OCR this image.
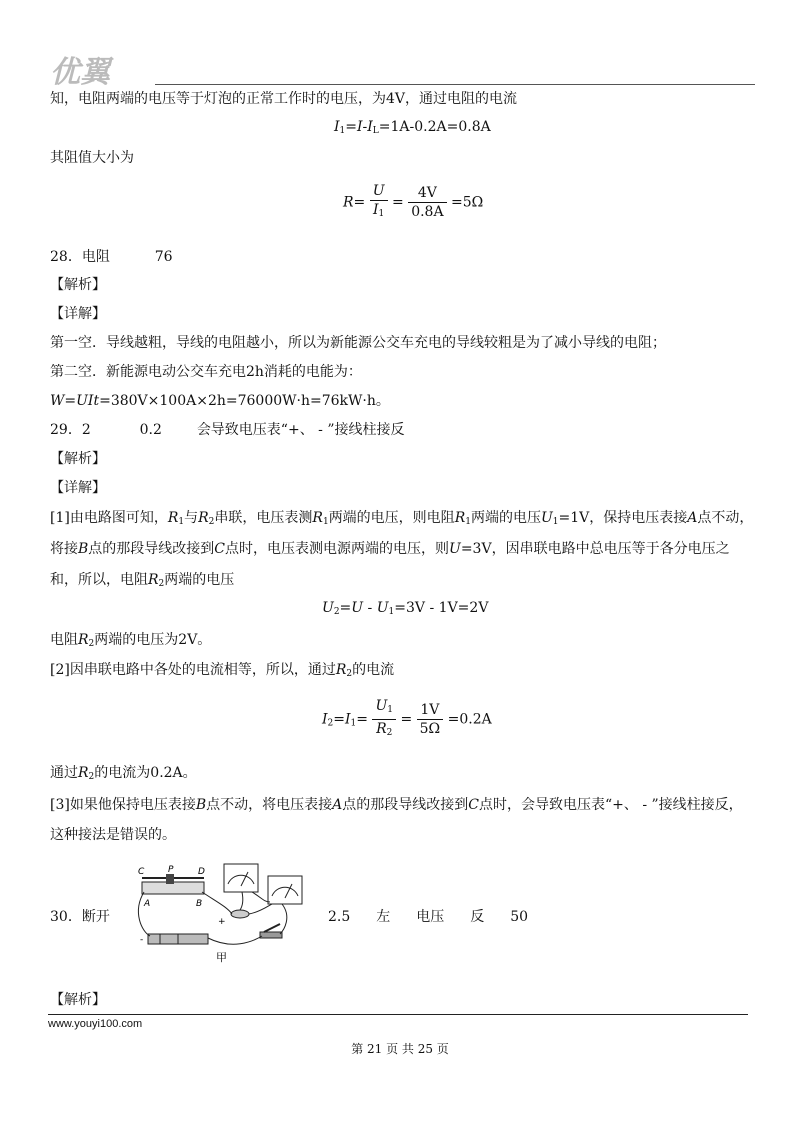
优翼
知，电阻两端的电压等于灯泡的正常工作时的电压，为4V，通过电阻的电流
$I_1=I-I_L=1A-0.2A=0.8A$
其阻值大小为
$R= \frac{U}{I_1} = \frac{4V}{0.8A} =5\Omega$
28．电阻	76
【解析】
【详解】
第一空．导线越粗，导线的电阻越小，所以为新能源公交车充电的导线较粗是为了减小导线的电阻；
第二空．新能源电动公交车充电2h消耗的电能为：
W=UIt=380V×100A×2h=76000W·h=76kW·h。
29．2	0.2 会导致电压表“+、 - ”接线柱接反
【解析】
【详解】
[1]由电路图可知，$R_1$与$R_2$串联，电压表测$R_1$两端的电压，则电阻$R_1$两端的电压$U_1=1V$，保持电压表接A点不动，
将接B点的那段导线改接到C点时，电压表测电源两端的电压，则U=3V，因串联电路中总电压等于各分电压之
和，所以，电阻$R_2$两端的电压
$U_2=U - U_1=3V - 1V=2V$
电阻$R_2$两端的电压为2V。
[2]因串联电路中各处的电流相等，所以，通过$R_2$的电流
$I_2=I_1= \frac{U_1}{R_2} = \frac{1V}{5\Omega} =0.2A$
通过$R_2$的电流为0.2A。
[3]如果他保持电压表接B点不动，将电压表接A点的那段导线改接到C点时，会导致电压表“+、 - ”接线柱接反，
这种接法是错误的。
30．断开
C	P	D
A	B
+
-
甲
2.5 左 电压 反 50
【解析】
www.youyi100.com
第 21 页 共 25 页
